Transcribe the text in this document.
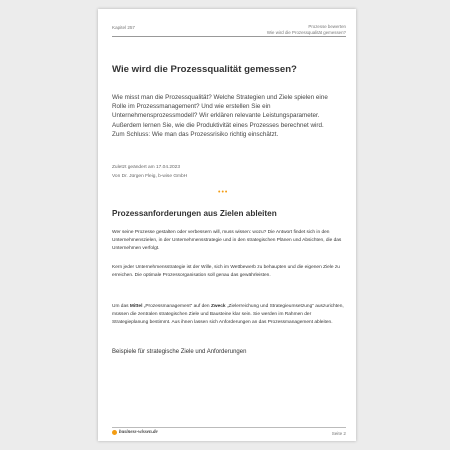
Kapitel 257	Prozesse bewerten
Wie wird die Prozessqualität gemessen?
Wie wird die Prozessqualität gemessen?
Wie misst man die Prozessqualität? Welche Strategien und Ziele spielen eine Rolle im Prozessmanagement? Und wie erstellen Sie ein Unternehmensprozessmodell? Wir erklären relevante Leistungsparameter. Außerdem lernen Sie, wie die Produktivität eines Prozesses berechnet wird. Zum Schluss: Wie man das Prozessrisiko richtig einschätzt.
Zuletzt geändert am 17.04.2023
Von Dr. Jürgen Fleig, b-wise GmbH
•••
Prozessanforderungen aus Zielen ableiten
Wer seine Prozesse gestalten oder verbessern will, muss wissen: wozu? Die Antwort findet sich in den Unternehmenszielen, in der Unternehmensstrategie und in den strategischen Plänen und Absichten, die das Unternehmen verfolgt.
Kern jeder Unternehmensstrategie ist der Wille, sich im Wettbewerb zu behaupten und die eigenen Ziele zu erreichen. Die optimale Prozessorganisation soll genau das gewährleisten.
Um das Mittel „Prozessmanagement“ auf den Zweck „Zielerreichung und Strategieumsetzung“ auszurichten, müssen die zentralen strategischen Ziele und Bausteine klar sein. Sie werden im Rahmen der Strategieplanung bestimmt. Aus ihnen lassen sich Anforderungen an das Prozessmanagement ableiten.
Beispiele für strategische Ziele und Anforderungen
business-wissen.de	Seite 2
